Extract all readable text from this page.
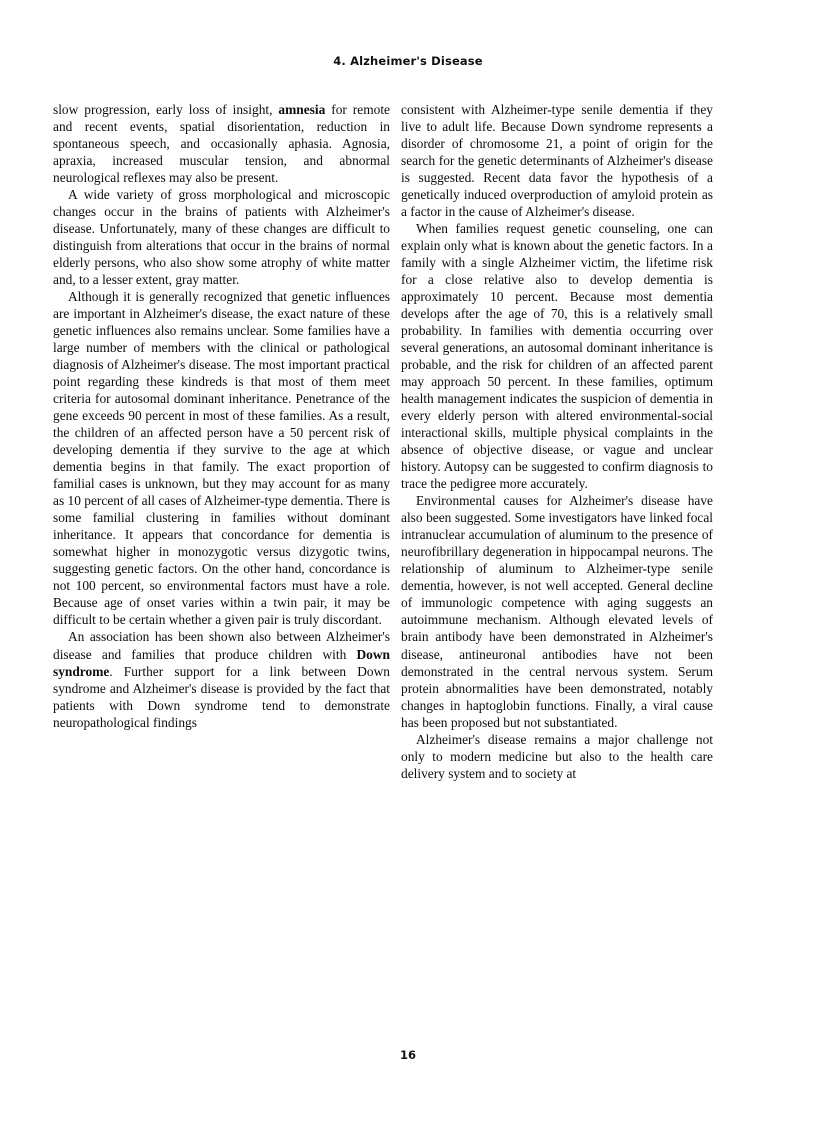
4. Alzheimer's Disease

slow progression, early loss of insight, amnesia for remote and recent events, spatial disorientation, reduction in spontaneous speech, and occasionally aphasia. Agnosia, apraxia, increased muscular tension, and abnormal neurological reflexes may also be present.

A wide variety of gross morphological and microscopic changes occur in the brains of patients with Alzheimer's disease. Unfortunately, many of these changes are difficult to distinguish from alterations that occur in the brains of normal elderly persons, who also show some atrophy of white matter and, to a lesser extent, gray matter.

Although it is generally recognized that genetic influences are important in Alzheimer's disease, the exact nature of these genetic influences also remains unclear. Some families have a large number of members with the clinical or pathological diagnosis of Alzheimer's disease. The most important practical point regarding these kindreds is that most of them meet criteria for autosomal dominant inheritance. Penetrance of the gene exceeds 90 percent in most of these families. As a result, the children of an affected person have a 50 percent risk of developing dementia if they survive to the age at which dementia begins in that family. The exact proportion of familial cases is unknown, but they may account for as many as 10 percent of all cases of Alzheimer-type dementia. There is some familial clustering in families without dominant inheritance. It appears that concordance for dementia is somewhat higher in monozygotic versus dizygotic twins, suggesting genetic factors. On the other hand, concordance is not 100 percent, so environmental factors must have a role. Because age of onset varies within a twin pair, it may be difficult to be certain whether a given pair is truly discordant.

An association has been shown also between Alzheimer's disease and families that produce children with Down syndrome. Further support for a link between Down syndrome and Alzheimer's disease is provided by the fact that patients with Down syndrome tend to demonstrate neuropathological findings

consistent with Alzheimer-type senile dementia if they live to adult life. Because Down syndrome represents a disorder of chromosome 21, a point of origin for the search for the genetic determinants of Alzheimer's disease is suggested. Recent data favor the hypothesis of a genetically induced overproduction of amyloid protein as a factor in the cause of Alzheimer's disease.

When families request genetic counseling, one can explain only what is known about the genetic factors. In a family with a single Alzheimer victim, the lifetime risk for a close relative also to develop dementia is approximately 10 percent. Because most dementia develops after the age of 70, this is a relatively small probability. In families with dementia occurring over several generations, an autosomal dominant inheritance is probable, and the risk for children of an affected parent may approach 50 percent. In these families, optimum health management indicates the suspicion of dementia in every elderly person with altered environmental-social interactional skills, multiple physical complaints in the absence of objective disease, or vague and unclear history. Autopsy can be suggested to confirm diagnosis to trace the pedigree more accurately.

Environmental causes for Alzheimer's disease have also been suggested. Some investigators have linked focal intranuclear accumulation of aluminum to the presence of neurofibrillary degeneration in hippocampal neurons. The relationship of aluminum to Alzheimer-type senile dementia, however, is not well accepted. General decline of immunologic competence with aging suggests an autoimmune mechanism. Although elevated levels of brain antibody have been demonstrated in Alzheimer's disease, antineuronal antibodies have not been demonstrated in the central nervous system. Serum protein abnormalities have been demonstrated, notably changes in haptoglobin functions. Finally, a viral cause has been proposed but not substantiated.

Alzheimer's disease remains a major challenge not only to modern medicine but also to the health care delivery system and to society at

16
